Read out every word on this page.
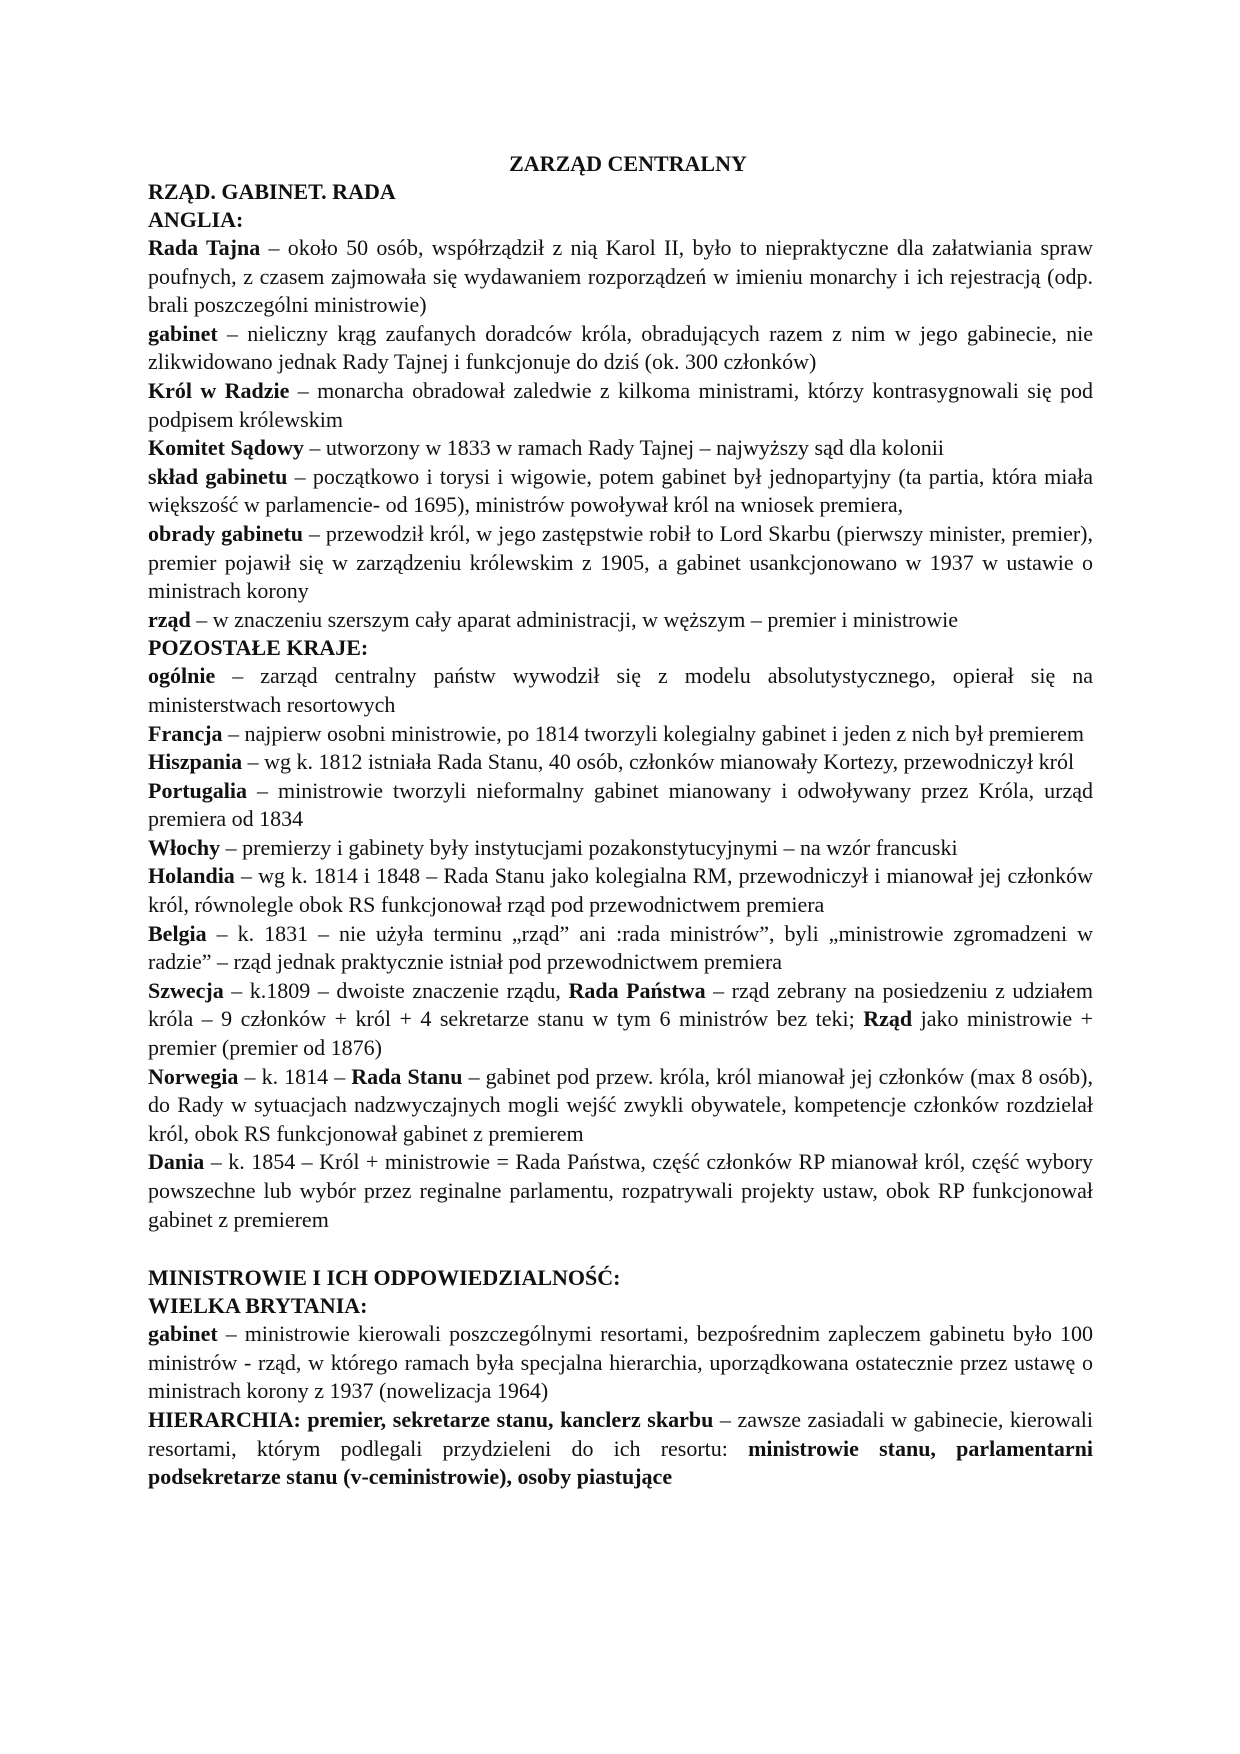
ZARZĄD CENTRALNY
RZĄD. GABINET. RADA
ANGLIA:

Rada Tajna – około 50 osób, współrządził z nią Karol II, było to niepraktyczne dla załatwiania spraw poufnych, z czasem zajmowała się wydawaniem rozporządzeń w imieniu monarchy i ich rejestracją (odp. brali poszczególni ministrowie)

gabinet – nieliczny krąg zaufanych doradców króla, obradujących razem z nim w jego gabinecie, nie zlikwidowano jednak Rady Tajnej i funkcjonuje do dziś (ok. 300 członków)

Król w Radzie – monarcha obradował zaledwie z kilkoma ministrami, którzy kontrasygnowali się pod podpisem królewskim

Komitet Sądowy – utworzony w 1833 w ramach Rady Tajnej – najwyższy sąd dla kolonii

skład gabinetu – początkowo i torysi i wigowie, potem gabinet był jednopartyjny (ta partia, która miała większość w parlamencie- od 1695), ministrów powoływał król na wniosek premiera,

obrady gabinetu – przewodził król, w jego zastępstwie robił to Lord Skarbu (pierwszy minister, premier), premier pojawił się w zarządzeniu królewskim z 1905, a gabinet usankcjonowano w 1937 w ustawie o ministrach korony

rząd – w znaczeniu szerszym cały aparat administracji, w węższym – premier i ministrowie

POZOSTAŁE KRAJE:

ogólnie – zarząd centralny państw wywodził się z modelu absolutystycznego, opierał się na ministerstwach resortowych

Francja – najpierw osobni ministrowie, po 1814 tworzyli kolegialny gabinet i jeden z nich był premierem

Hiszpania – wg k. 1812 istniała Rada Stanu, 40 osób, członków mianowały Kortezy, przewodniczył król

Portugalia – ministrowie tworzyli nieformalny gabinet mianowany i odwoływany przez Króla, urząd premiera od 1834

Włochy – premierzy i gabinety były instytucjami pozakonstytucyjnymi – na wzór francuski

Holandia – wg k. 1814 i 1848 – Rada Stanu jako kolegialna RM, przewodniczył i mianował jej członków król, równolegle obok RS funkcjonował rząd pod przewodnictwem premiera

Belgia – k. 1831 – nie użyła terminu „rząd” ani :rada ministrów”, byli „ministrowie zgromadzeni w radzie” – rząd jednak praktycznie istniał pod przewodnictwem premiera

Szwecja – k.1809 – dwoiste znaczenie rządu, Rada Państwa – rząd zebrany na posiedzeniu z udziałem króla – 9 członków + król + 4 sekretarze stanu w tym 6 ministrów bez teki; Rząd jako ministrowie + premier (premier od 1876)

Norwegia – k. 1814 – Rada Stanu – gabinet pod przew. króla, król mianował jej członków (max 8 osób), do Rady w sytuacjach nadzwyczajnych mogli wejść zwykli obywatele, kompetencje członków rozdzielał król, obok RS funkcjonował gabinet z premierem

Dania – k. 1854 – Król + ministrowie = Rada Państwa, część członków RP mianował król, część wybory powszechne lub wybór przez reginalne parlamentu, rozpatrywali projekty ustaw, obok RP funkcjonował gabinet z premierem

MINISTROWIE I ICH ODPOWIEDZIALNOŚĆ:
WIELKA BRYTANIA:

gabinet – ministrowie kierowali poszczególnymi resortami, bezpośrednim zapleczem gabinetu było 100 ministrów - rząd, w którego ramach była specjalna hierarchia, uporządkowana ostatecznie przez ustawę o ministrach korony z 1937 (nowelizacja 1964)

HIERARCHIA: premier, sekretarze stanu, kanclerz skarbu – zawsze zasiadali w gabinecie, kierowali resortami, którym podlegali przydzieleni do ich resortu: ministrowie stanu, parlamentarni podsekretarze stanu (v-ceministrowie), osoby piastujące
